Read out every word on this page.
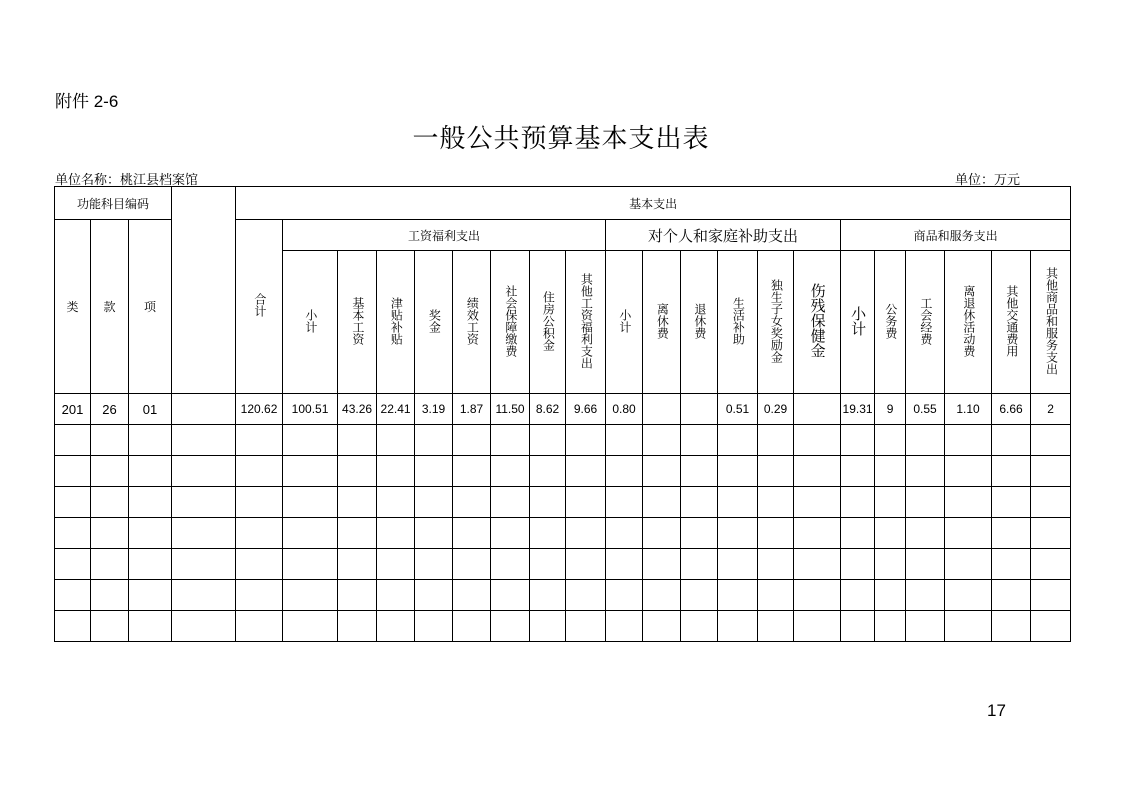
附件 2-6
一般公共预算基本支出表
单位名称：桃江县档案馆	单位：万元
功能科目编码				基本支出																				
类	款	项		合计	工资福利支出								对个人和家庭补助支出						商品和服务支出					
					小计	基本工资	津贴补贴	奖金	绩效工资	社会保障缴费	住房公积金	其他工资福利支出	小计	离休费	退休费	生活补助	独生子女奖励金	伤残保健金	小计	公务费	工会经费	离退休活动费	其他交通费用	其他商品和服务支出
201	26	01		120.62	100.51	43.26	22.41	3.19	1.87	11.50	8.62	9.66	0.80			0.51	0.29		19.31	9	0.55	1.10	6.66	2

17
